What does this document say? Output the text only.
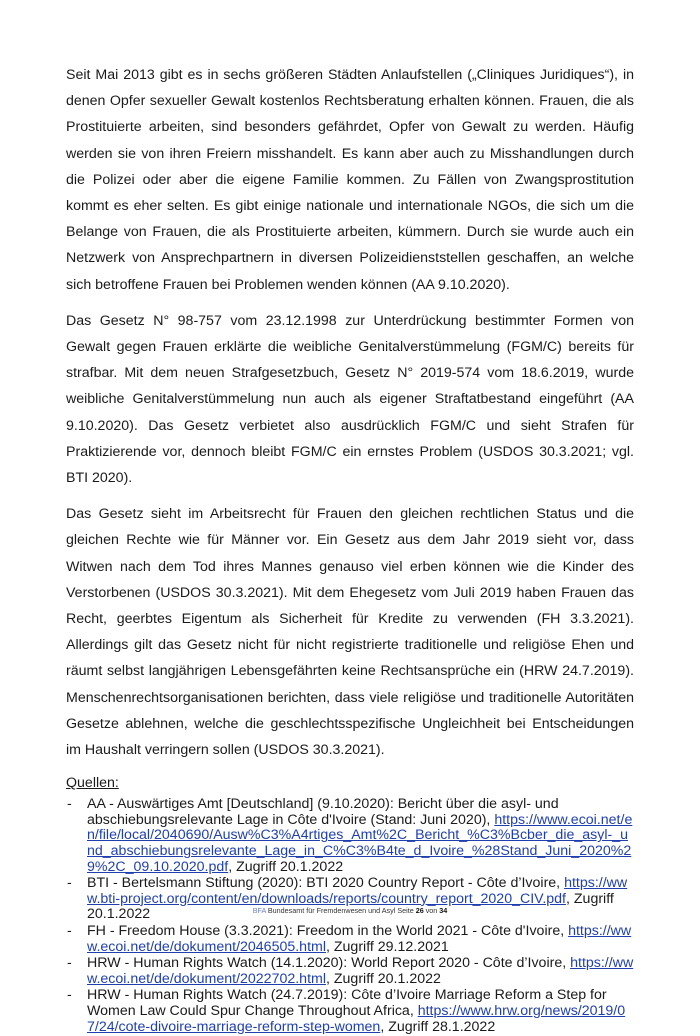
Seit Mai 2013 gibt es in sechs größeren Städten Anlaufstellen („Cliniques Juridiques“), in denen Opfer sexueller Gewalt kostenlos Rechtsberatung erhalten können. Frauen, die als Prostituierte arbeiten, sind besonders gefährdet, Opfer von Gewalt zu werden. Häufig werden sie von ihren Freiern misshandelt. Es kann aber auch zu Misshandlungen durch die Polizei oder aber die eigene Familie kommen. Zu Fällen von Zwangsprostitution kommt es eher selten. Es gibt einige nationale und internationale NGOs, die sich um die Belange von Frauen, die als Prostituierte arbeiten, kümmern. Durch sie wurde auch ein Netzwerk von Ansprechpartnern in diversen Polizeidienststellen geschaffen, an welche sich betroffene Frauen bei Problemen wenden können (AA 9.10.2020).

Das Gesetz N° 98-757 vom 23.12.1998 zur Unterdrückung bestimmter Formen von Gewalt gegen Frauen erklärte die weibliche Genitalverstümmelung (FGM/C) bereits für strafbar. Mit dem neuen Strafgesetzbuch, Gesetz N° 2019-574 vom 18.6.2019, wurde weibliche Genitalverstümmelung nun auch als eigener Straftatbestand eingeführt (AA 9.10.2020). Das Gesetz verbietet also ausdrücklich FGM/C und sieht Strafen für Praktizierende vor, dennoch bleibt FGM/C ein ernstes Problem (USDOS 30.3.2021; vgl. BTI 2020).

Das Gesetz sieht im Arbeitsrecht für Frauen den gleichen rechtlichen Status und die gleichen Rechte wie für Männer vor. Ein Gesetz aus dem Jahr 2019 sieht vor, dass Witwen nach dem Tod ihres Mannes genauso viel erben können wie die Kinder des Verstorbenen (USDOS 30.3.2021). Mit dem Ehegesetz vom Juli 2019 haben Frauen das Recht, geerbtes Eigentum als Sicherheit für Kredite zu verwenden (FH 3.3.2021). Allerdings gilt das Gesetz nicht für nicht registrierte traditionelle und religiöse Ehen und räumt selbst langjährigen Lebensgefährten keine Rechtsansprüche ein (HRW 24.7.2019). Menschenrechtsorganisationen berichten, dass viele religiöse und traditionelle Autoritäten Gesetze ablehnen, welche die geschlechtsspezifische Ungleichheit bei Entscheidungen im Haushalt verringern sollen (USDOS 30.3.2021).

Quellen:
- AA - Auswärtiges Amt [Deutschland] (9.10.2020): Bericht über die asyl- und abschiebungsrelevante Lage in Côte d'Ivoire (Stand: Juni 2020), https://www.ecoi.net/en/file/local/2040690/Ausw%C3%A4rtiges_Amt%2C_Bericht_%C3%Bcber_die_asyl-_und_abschiebungsrelevante_Lage_in_C%C3%B4te_d_Ivoire_%28Stand_Juni_2020%29%2C_09.10.2020.pdf, Zugriff 20.1.2022
- BTI - Bertelsmann Stiftung (2020): BTI 2020 Country Report - Côte d’Ivoire, https://www.bti-project.org/content/en/downloads/reports/country_report_2020_CIV.pdf, Zugriff 20.1.2022
- FH - Freedom House (3.3.2021): Freedom in the World 2021 - Côte d'Ivoire, https://www.ecoi.net/de/dokument/2046505.html, Zugriff 29.12.2021
- HRW - Human Rights Watch (14.1.2020): World Report 2020 - Côte d’Ivoire, https://www.ecoi.net/de/dokument/2022702.html, Zugriff 20.1.2022
- HRW - Human Rights Watch (24.7.2019): Côte d’Ivoire Marriage Reform a Step for Women Law Could Spur Change Throughout Africa, https://www.hrw.org/news/2019/07/24/cote-divoire-marriage-reform-step-women, Zugriff 28.1.2022
BFA Bundesamt für Fremdenwesen und Asyl Seite 26 von 34
